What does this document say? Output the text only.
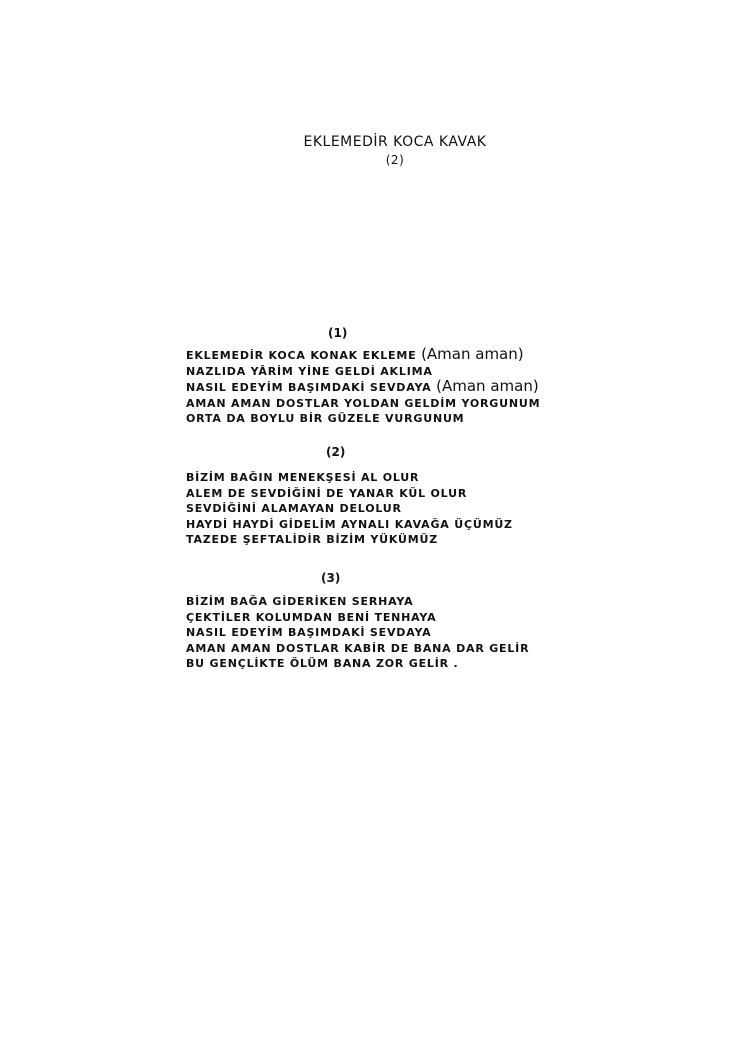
EKLEMEDİR KOCA KAVAK
(2)
(1)
EKLEMEDİR KOCA KONAK EKLEME (Aman aman)
NAZLIDA YÂRİM YİNE GELDİ AKLIMA
NASIL EDEYİM BAŞIMDAKİ SEVDAYA (Aman aman)
AMAN AMAN DOSTLAR YOLDAN GELDİM YORGUNUM
ORTA DA BOYLU BİR GÜZELE VURGUNUM
(2)
BİZİM BAĞIN MENEKŞESİ AL OLUR
ALEM DE SEVDİĞİNİ DE YANAR KÜL OLUR
SEVDİĞİNİ ALAMAYAN DELOLUR
HAYDİ HAYDİ GİDELİM AYNALI KAVAĞA ÜÇÜMÜZ
TAZEDE ŞEFTALİDİR BİZİM YÜKÜMÜZ
(3)
BİZİM BAĞA GİDERİKEN SERHAYA
ÇEKTİLER KOLUMDAN BENİ TENHAYA
NASIL EDEYİM BAŞIMDAKİ SEVDAYA
AMAN AMAN DOSTLAR KABİR DE BANA DAR GELİR
BU GENÇLİKTE ÖLÜM BANA ZOR GELİR .
